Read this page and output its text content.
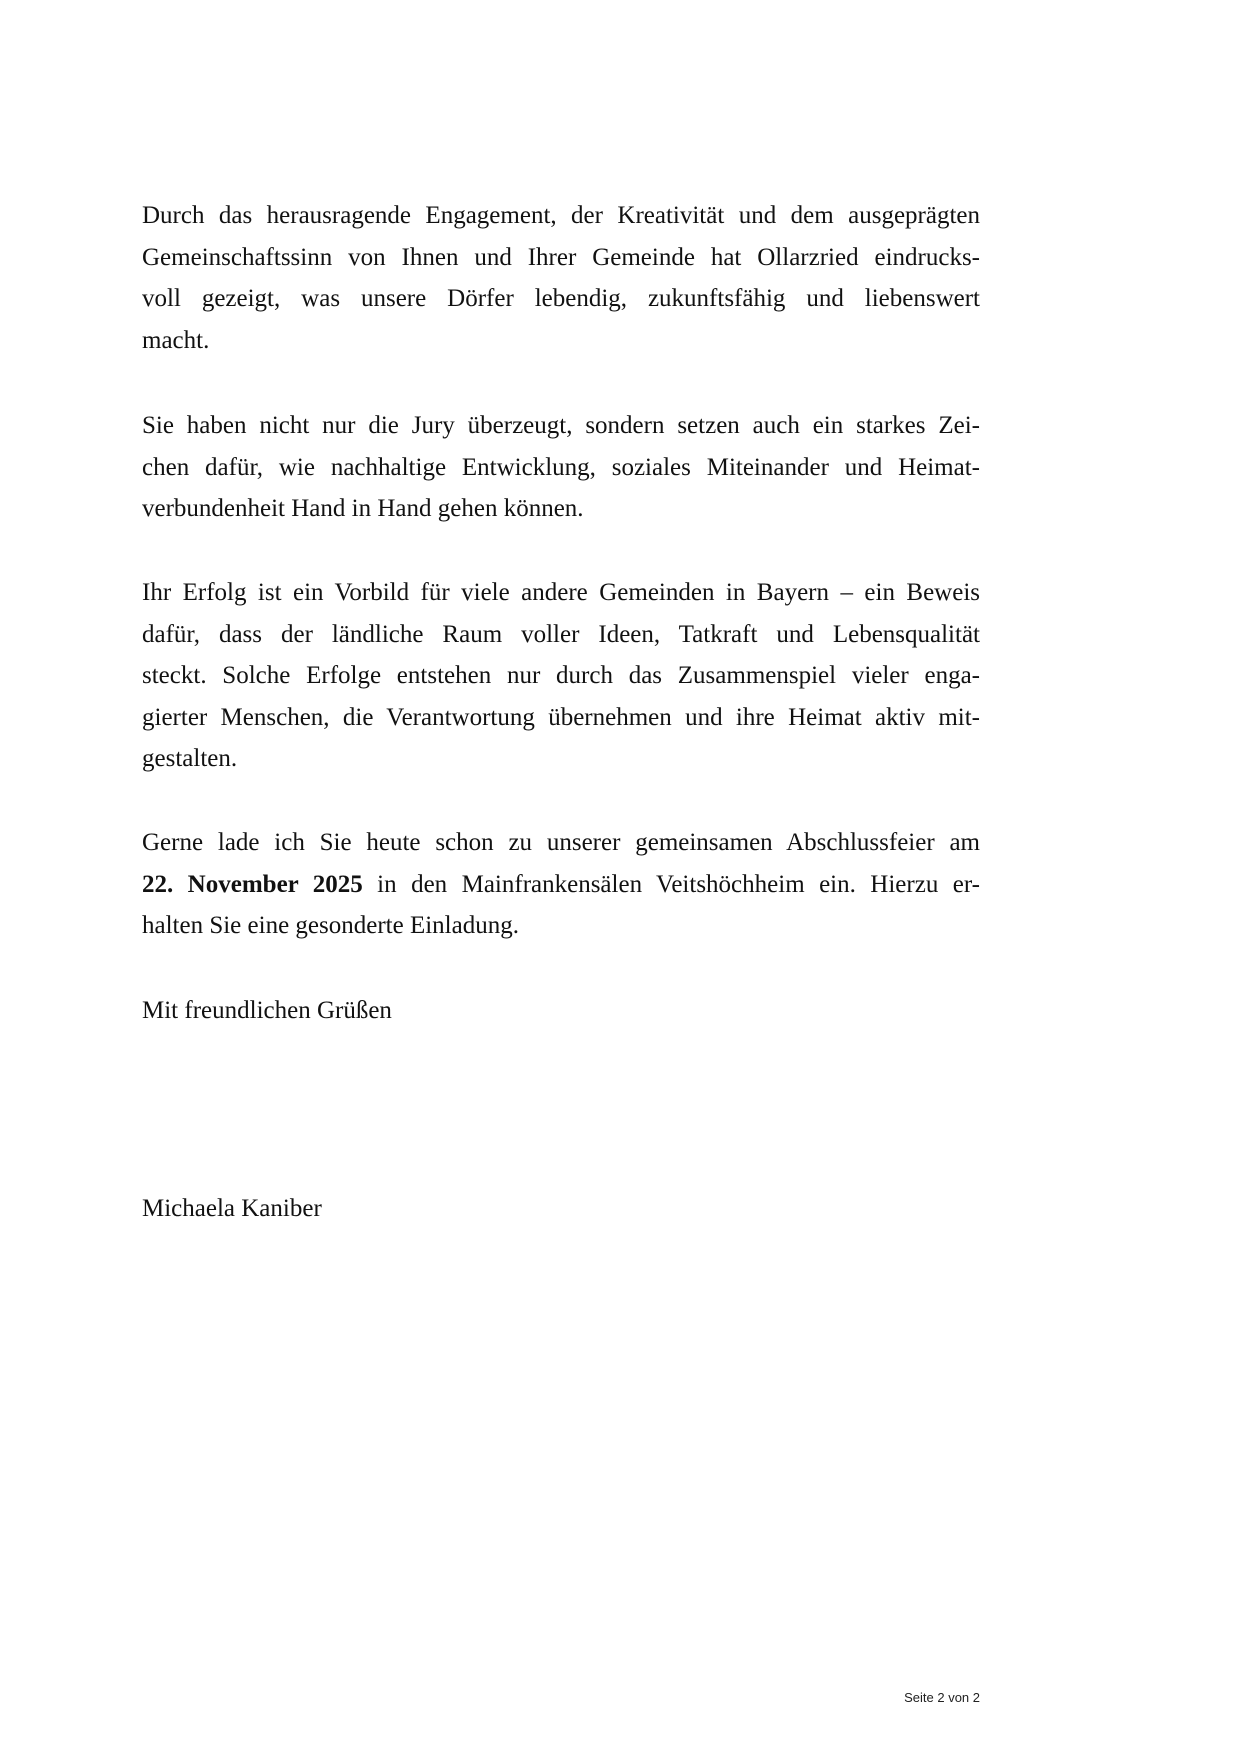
Durch das herausragende Engagement, der Kreativität und dem ausgeprägten
Gemeinschaftssinn von Ihnen und Ihrer Gemeinde hat Ollarzried eindrucks-
voll gezeigt, was unsere Dörfer lebendig, zukunftsfähig und liebenswert
macht.
Sie haben nicht nur die Jury überzeugt, sondern setzen auch ein starkes Zei-
chen dafür, wie nachhaltige Entwicklung, soziales Miteinander und Heimat-
verbundenheit Hand in Hand gehen können.
Ihr Erfolg ist ein Vorbild für viele andere Gemeinden in Bayern – ein Beweis
dafür, dass der ländliche Raum voller Ideen, Tatkraft und Lebensqualität
steckt. Solche Erfolge entstehen nur durch das Zusammenspiel vieler enga-
gierter Menschen, die Verantwortung übernehmen und ihre Heimat aktiv mit-
gestalten.
Gerne lade ich Sie heute schon zu unserer gemeinsamen Abschlussfeier am
22. November 2025 in den Mainfrankensälen Veitshöchheim ein. Hierzu er-
halten Sie eine gesonderte Einladung.
Mit freundlichen Grüßen
Michaela Kaniber
Seite 2 von 2
